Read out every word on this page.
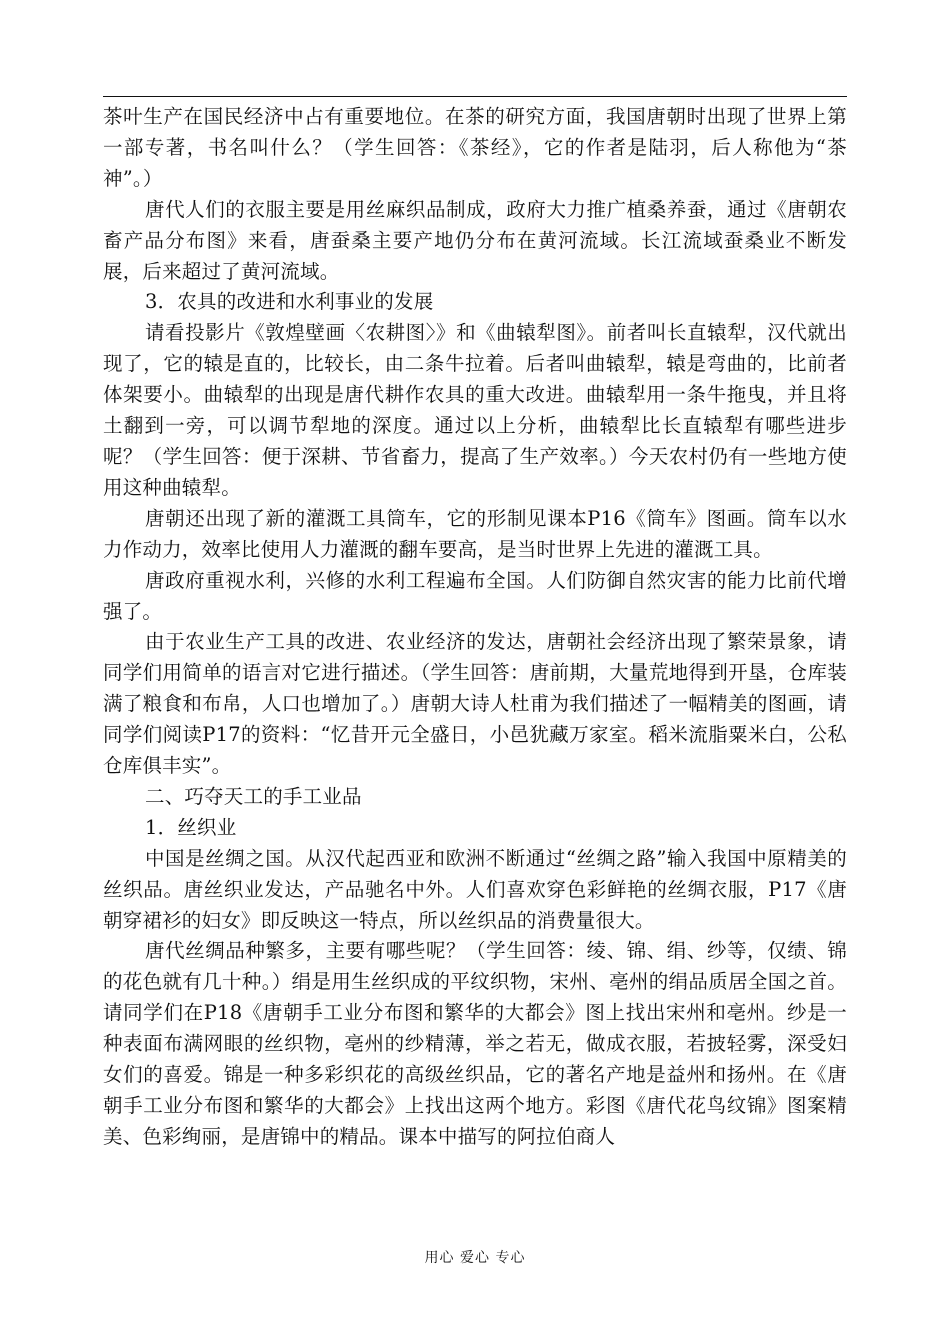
茶叶生产在国民经济中占有重要地位。在茶的研究方面，我国唐朝时出现了世界上第一部专著，书名叫什么？（学生回答：《茶经》，它的作者是陆羽，后人称他为“茶神”。）

唐代人们的衣服主要是用丝麻织品制成，政府大力推广植桑养蚕，通过《唐朝农畜产品分布图》来看，唐蚕桑主要产地仍分布在黄河流域。长江流域蚕桑业不断发展，后来超过了黄河流域。

3．农具的改进和水利事业的发展

请看投影片《敦煌壁画〈农耕图〉》和《曲辕犁图》。前者叫长直辕犁，汉代就出现了，它的辕是直的，比较长，由二条牛拉着。后者叫曲辕犁，辕是弯曲的，比前者体架要小。曲辕犁的出现是唐代耕作农具的重大改进。曲辕犁用一条牛拖曳，并且将土翻到一旁，可以调节犁地的深度。通过以上分析，曲辕犁比长直辕犁有哪些进步呢？（学生回答：便于深耕、节省畜力，提高了生产效率。）今天农村仍有一些地方使用这种曲辕犁。

唐朝还出现了新的灌溉工具筒车，它的形制见课本P16《筒车》图画。筒车以水力作动力，效率比使用人力灌溉的翻车要高，是当时世界上先进的灌溉工具。

唐政府重视水利，兴修的水利工程遍布全国。人们防御自然灾害的能力比前代增强了。

由于农业生产工具的改进、农业经济的发达，唐朝社会经济出现了繁荣景象，请同学们用简单的语言对它进行描述。（学生回答：唐前期，大量荒地得到开垦，仓库装满了粮食和布帛，人口也增加了。）唐朝大诗人杜甫为我们描述了一幅精美的图画，请同学们阅读P17的资料：“忆昔开元全盛日，小邑犹藏万家室。稻米流脂粟米白，公私仓库俱丰实”。

二、巧夺天工的手工业品

1．丝织业

中国是丝绸之国。从汉代起西亚和欧洲不断通过“丝绸之路”输入我国中原精美的丝织品。唐丝织业发达，产品驰名中外。人们喜欢穿色彩鲜艳的丝绸衣服，P17《唐朝穿裙衫的妇女》即反映这一特点，所以丝织品的消费量很大。

唐代丝绸品种繁多，主要有哪些呢？（学生回答：绫、锦、绢、纱等，仅绩、锦的花色就有几十种。）绢是用生丝织成的平纹织物，宋州、亳州的绢品质居全国之首。请同学们在P18《唐朝手工业分布图和繁华的大都会》图上找出宋州和亳州。纱是一种表面布满网眼的丝织物，亳州的纱精薄，举之若无，做成衣服，若披轻雾，深受妇女们的喜爱。锦是一种多彩织花的高级丝织品，它的著名产地是益州和扬州。在《唐朝手工业分布图和繁华的大都会》上找出这两个地方。彩图《唐代花鸟纹锦》图案精美、色彩绚丽，是唐锦中的精品。课本中描写的阿拉伯商人

用心 爱心 专心
